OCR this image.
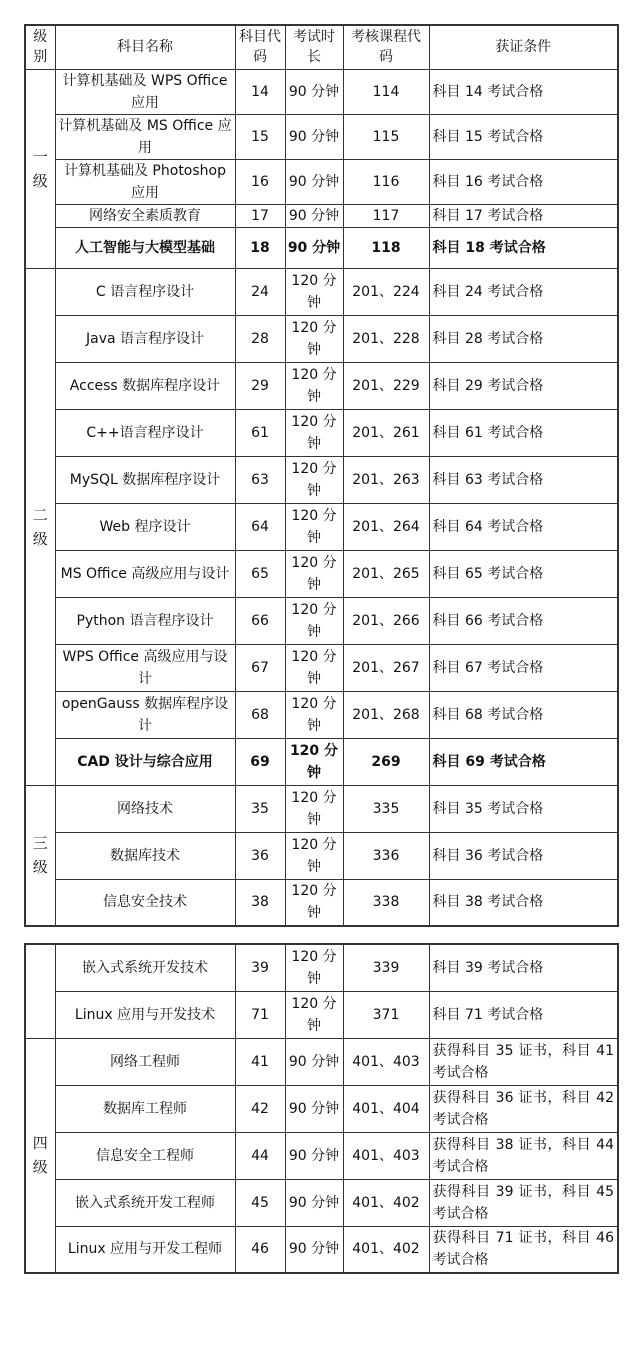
级别	科目名称	科目代码	考试时长	考核课程代码	获证条件

一
级	计算机基础及 WPS Office 应用	14	90 分钟	114	科目 14 考试合格
	计算机基础及 MS Office 应用	15	90 分钟	115	科目 15 考试合格
	计算机基础及 Photoshop 应用	16	90 分钟	116	科目 16 考试合格
	网络安全素质教育	17	90 分钟	117	科目 17 考试合格
	人工智能与大模型基础	18	90 分钟	118	科目 18 考试合格

二
级	C 语言程序设计	24	120 分钟	201、224	科目 24 考试合格
	Java 语言程序设计	28	120 分钟	201、228	科目 28 考试合格
	Access 数据库程序设计	29	120 分钟	201、229	科目 29 考试合格
	C++语言程序设计	61	120 分钟	201、261	科目 61 考试合格
	MySQL 数据库程序设计	63	120 分钟	201、263	科目 63 考试合格
	Web 程序设计	64	120 分钟	201、264	科目 64 考试合格
	MS Office 高级应用与设计	65	120 分钟	201、265	科目 65 考试合格
	Python 语言程序设计	66	120 分钟	201、266	科目 66 考试合格
	WPS Office 高级应用与设计	67	120 分钟	201、267	科目 67 考试合格
	openGauss 数据库程序设计	68	120 分钟	201、268	科目 68 考试合格
	CAD 设计与综合应用	69	120 分钟	269	科目 69 考试合格

三
级	网络技术	35	120 分钟	335	科目 35 考试合格
	数据库技术	36	120 分钟	336	科目 36 考试合格
	信息安全技术	38	120 分钟	338	科目 38 考试合格
	嵌入式系统开发技术	39	120 分钟	339	科目 39 考试合格
	Linux 应用与开发技术	71	120 分钟	371	科目 71 考试合格

四
级	网络工程师	41	90 分钟	401、403	获得科目 35 证书，科目 41 考试合格
	数据库工程师	42	90 分钟	401、404	获得科目 36 证书，科目 42 考试合格
	信息安全工程师	44	90 分钟	401、403	获得科目 38 证书，科目 44 考试合格
	嵌入式系统开发工程师	45	90 分钟	401、402	获得科目 39 证书，科目 45 考试合格
	Linux 应用与开发工程师	46	90 分钟	401、402	获得科目 71 证书，科目 46 考试合格
